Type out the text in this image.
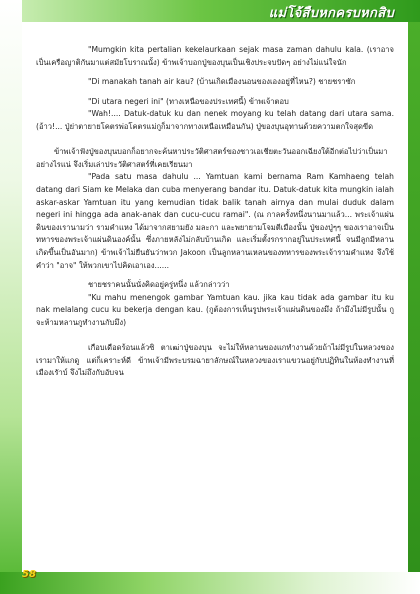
แม่โจ้สืบหกครบหกสิบ

"Mumgkin kita pertalian kekelaurkaan sejak masa zaman dahulu kala. (เราอาจเป็นเครือญาติกันมาแต่สมัยโบราณนั้ง) ข้าพเจ้าบอกปู่ของบุนเป็นเชิงประจบปัดๆ อย่างไม่แน่ใจนัก

"Di manakah tanah air kau? (บ้านเกิดเมืองนอนของเองอยู่ที่ไหน?) ชายชราซัก

"Di utara negeri ini" (ทางเหนือของประเทศนี้) ข้าพเจ้าตอบ

"Wah!.... Datuk-datuk ku dan nenek moyang ku telah datang dari utara sama. (อ้าว!... ปู่ย่าตายายโคตรพ่อโคตรแม่กูก็มาจากทางเหนือเหมือนกัน) ปู่ของบุนอุทานด้วยความตกใจสุดขีด

ข้าพเจ้าฟังปู่ของบุนบอกก็อยากจะค้นหาประวัติศาสตร์ของชาวเอเชียตะวันออกเฉียงใต้อีกต่อไปว่าเป็นมาอย่างไรแน่ จึงเริ่มเล่าประวัติศาสตร์ที่เคยเรียนมา

"Pada satu masa dahulu ... Yamtuan kami bernama Ram Kamhaeng telah datang dari Siam ke Melaka dan cuba menyerang bandar itu. Datuk-datuk kita mungkin ialah askar-askar Yamtuan itu yang kemudian tidak balik tanah airnya dan mulai duduk dalam negeri ini hingga ada anak-anak dan cucu-cucu ramai". (ณ กาลครั้งหนึ่งนานมาแล้ว... พระเจ้าแผ่นดินของเรานามว่า รามคำแหง ได้มาจากสยามยัง มละกา และพยายามโจมตีเมืองนั้น ปู่ของปู่ๆๆ ของเราอาจเป็นทหารของพระเจ้าแผ่นดินองค์นั้น ซึ่งภายหลังไม่กลับบ้านเกิด และเริ่มตั้งรกรากอยู่ในประเทศนี้ จนมีลูกมีหลานเกิดขึ้นเป็นอันมาก) ข้าพเจ้าไม่ยืนยันว่าพวก Jakoon เป็นลูกหลานเหลนของทหารของพระเจ้ารามคำแหง จึงใช้คำว่า "อาจ" ให้พวกเขาไปคิดเอาเอง......

ชายชราคนนั้นนั่งคิดอยู่ครู่หนึ่ง แล้วกล่าวว่า

"Ku mahu menengok gambar Yamtuan kau. jika kau tidak ada gambar itu ku nak melalang cucu ku bekerja dengan kau. (กูต้องการเห็นรูปพระเจ้าแผ่นดินของมึง ถ้ามึงไม่มีรูปนั้น กูจะห้ามหลานกูทำงานกับมึง)

เกือบเดือดร้อนแล้วซิ ตาเฒ่าปู่ของบุน จะไม่ให้หลานของแกทำงานด้วยถ้าไม่มีรูปในหลวงของเรามาให้แกดู แต่ก็เคราะห์ดี ข้าพเจ้ามีพระบรมฉายาลักษณ์ในหลวงของเราแขวนอยู่กับปฏิทินในห้องทำงานที่เมืองเรัาบ์ จึงไม่ถึงกับอับจน

58
